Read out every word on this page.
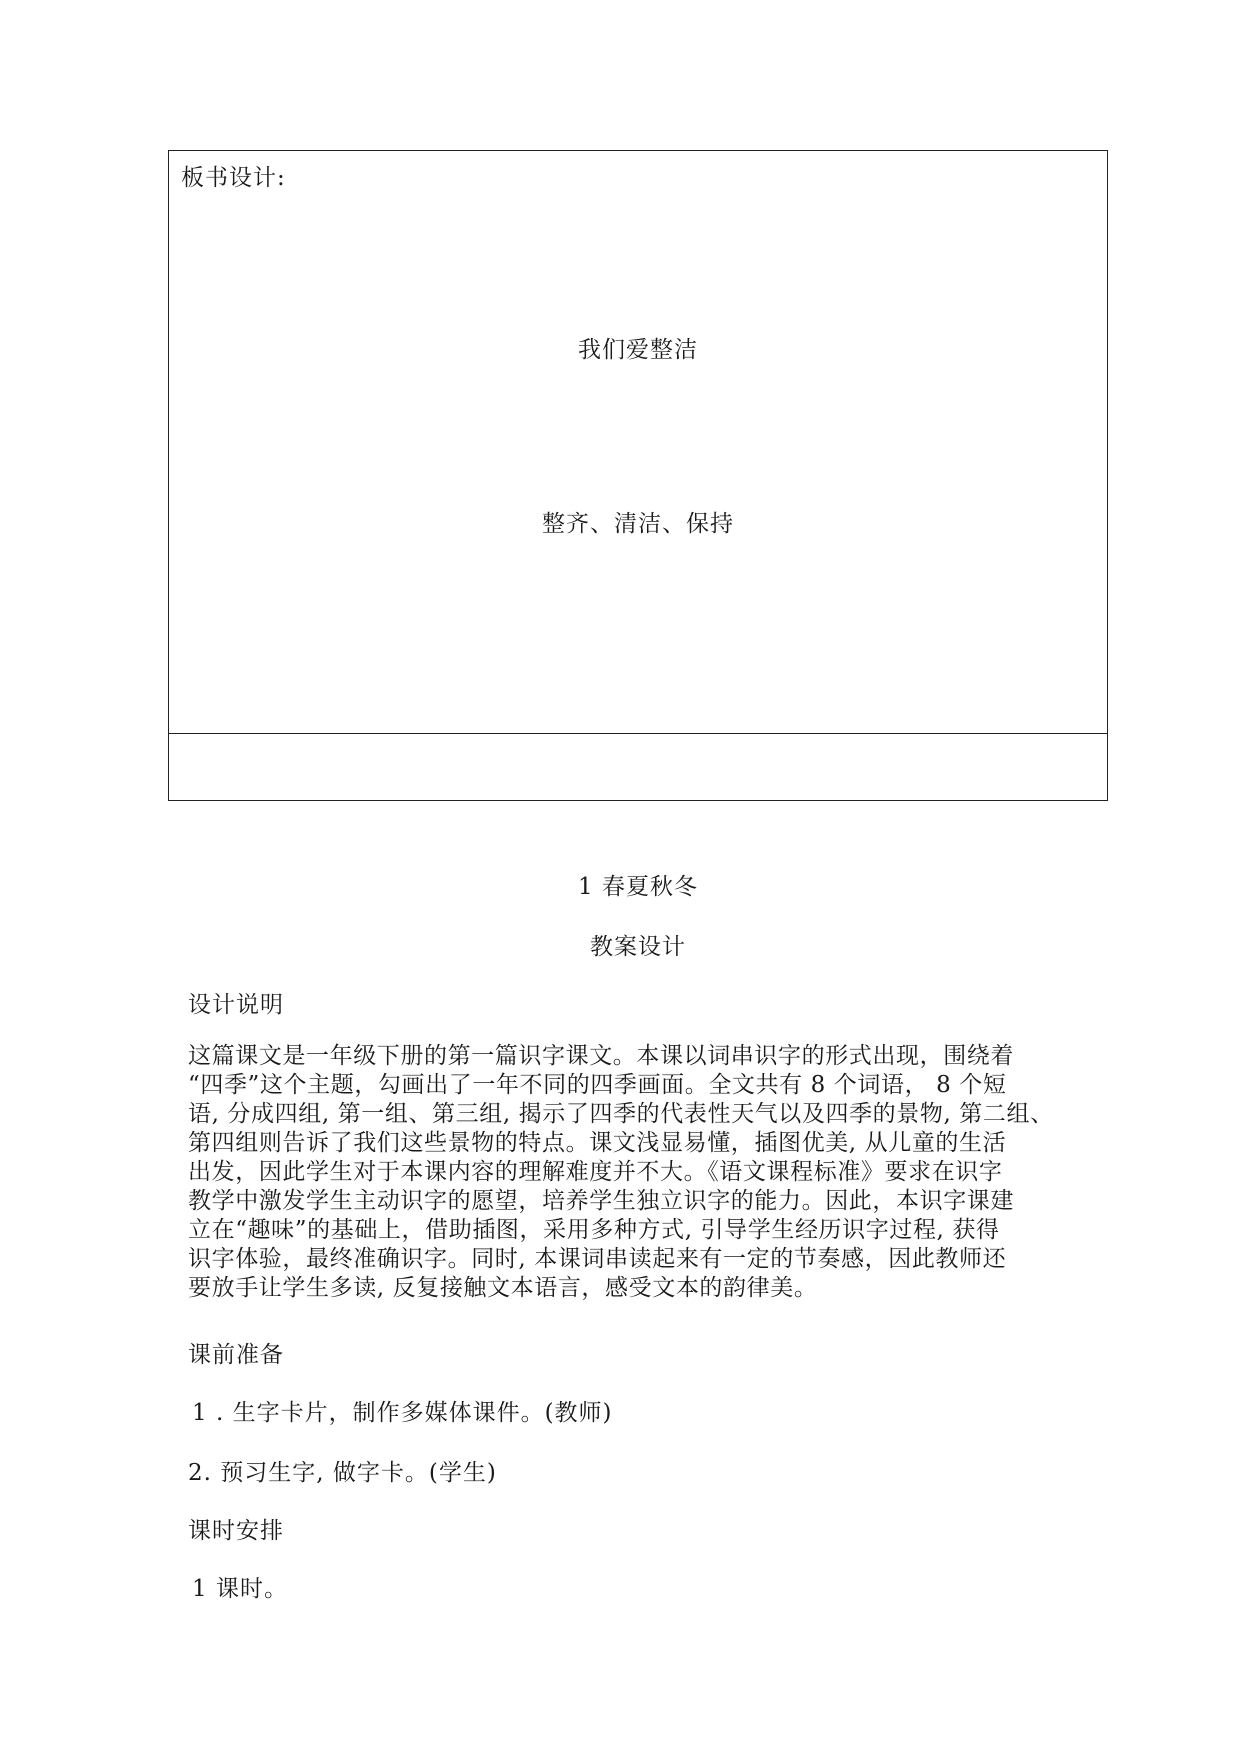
板书设计:
我们爱整洁
整齐、清洁、保持
1 春夏秋冬
教案设计
设计说明

这篇课文是一年级下册的第一篇识字课文。本课以词串识字的形式出现，围绕着

“四季”这个主题，勾画出了一年不同的四季画面。全文共有 8 个词语， 8 个短

语, 分成四组, 第一组、第三组, 揭示了四季的代表性天气以及四季的景物, 第二组、

第四组则告诉了我们这些景物的特点。课文浅显易懂，插图优美, 从儿童的生活

出发，因此学生对于本课内容的理解难度并不大。《语文课程标准》要求在识字

教学中激发学生主动识字的愿望，培养学生独立识字的能力。因此，本识字课建

立在“趣味”的基础上，借助插图，采用多种方式, 引导学生经历识字过程, 获得

识字体验，最终准确识字。同时, 本课词串读起来有一定的节奏感，因此教师还

要放手让学生多读, 反复接触文本语言，感受文本的韵律美。

课前准备
1 . 生字卡片，制作多媒体课件。(教师)
2. 预习生字, 做字卡。(学生)
课时安排
1 课时。
